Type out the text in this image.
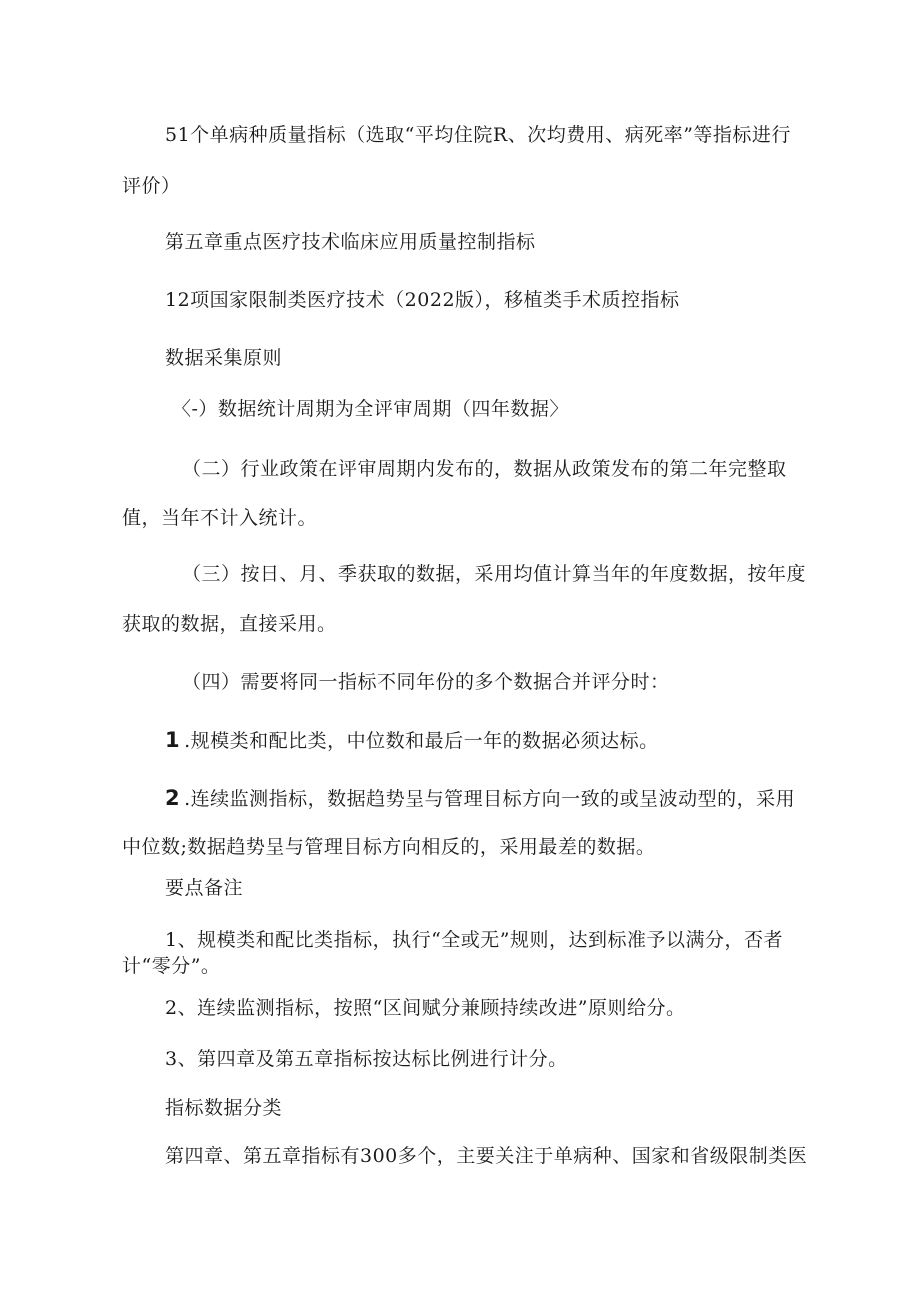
51个单病种质量指标（选取“平均住院R、次均费用、病死率”等指标进行
评价）
第五章重点医疗技术临床应用质量控制指标
12项国家限制类医疗技术（2022版），移植类手术质控指标
数据采集原则
〈-）数据统计周期为全评审周期（四年数据〉
（二）行业政策在评审周期内发布的，数据从政策发布的第二年完整取
值，当年不计入统计。
（三）按日、月、季获取的数据，采用均值计算当年的年度数据，按年度
获取的数据，直接采用。
（四）需要将同一指标不同年份的多个数据合并评分时：
1 .规模类和配比类，中位数和最后一年的数据必须达标。
2 .连续监测指标，数据趋势呈与管理目标方向一致的或呈波动型的，采用
中位数;数据趋势呈与管理目标方向相反的，采用最差的数据。
要点备注
1、规模类和配比类指标，执行“全或无”规则，达到标准予以满分，否者
计“零分”。
2、连续监测指标，按照“区间赋分兼顾持续改进”原则给分。
3、第四章及第五章指标按达标比例进行计分。
指标数据分类
第四章、第五章指标有300多个，主要关注于单病种、国家和省级限制类医
